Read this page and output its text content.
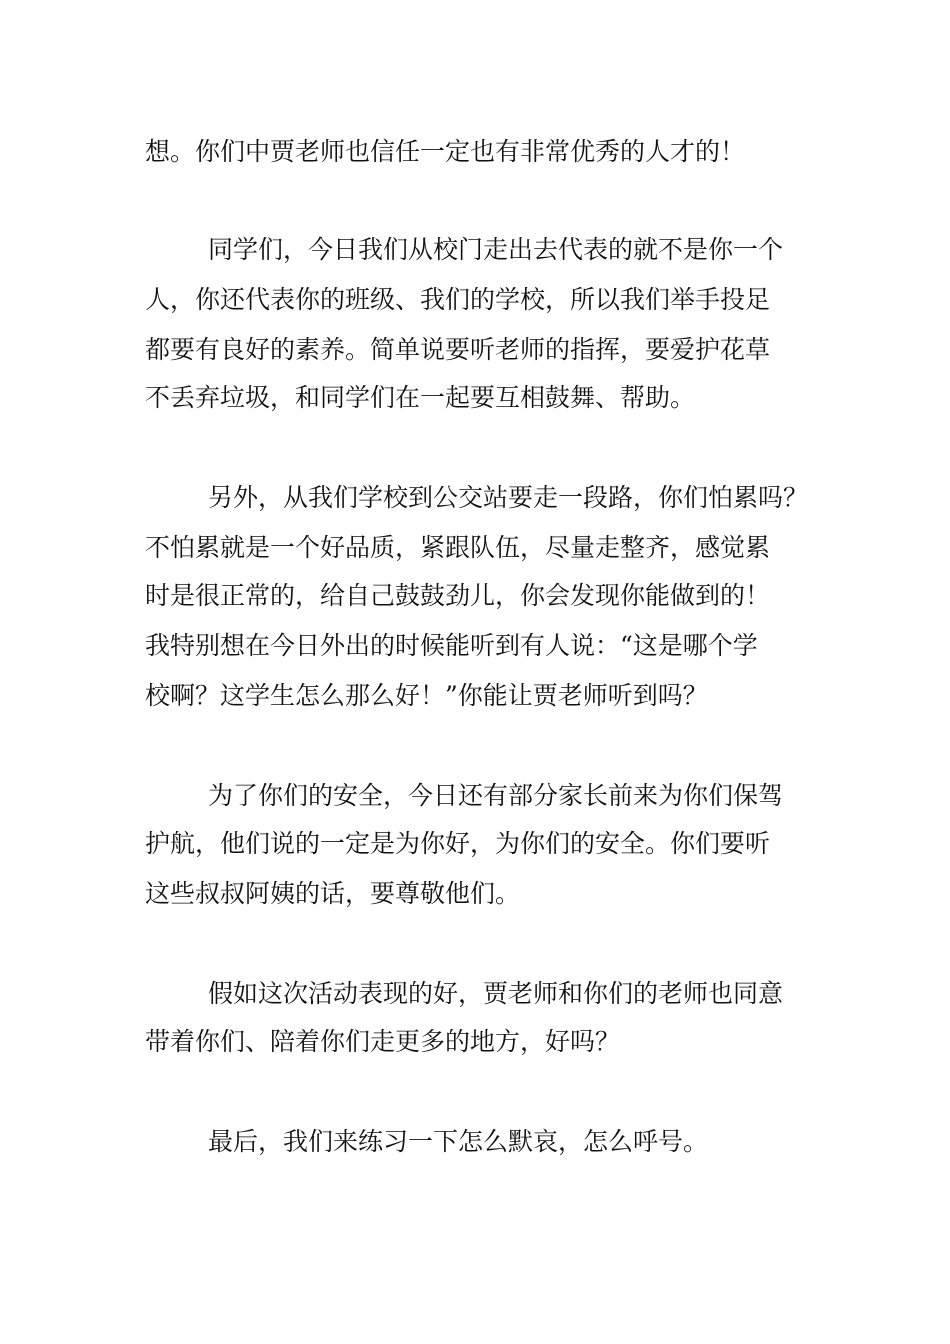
想。你们中贾老师也信任一定也有非常优秀的人才的！

同学们，今日我们从校门走出去代表的就不是你一个

人，你还代表你的班级、我们的学校，所以我们举手投足

都要有良好的素养。简单说要听老师的指挥，要爱护花草

不丢弃垃圾，和同学们在一起要互相鼓舞、帮助。

另外，从我们学校到公交站要走一段路，你们怕累吗？

不怕累就是一个好品质，紧跟队伍，尽量走整齐，感觉累

时是很正常的，给自己鼓鼓劲儿，你会发现你能做到的！

我特别想在今日外出的时候能听到有人说：“这是哪个学

校啊？这学生怎么那么好！”你能让贾老师听到吗？

为了你们的安全，今日还有部分家长前来为你们保驾

护航，他们说的一定是为你好，为你们的安全。你们要听

这些叔叔阿姨的话，要尊敬他们。

假如这次活动表现的好，贾老师和你们的老师也同意

带着你们、陪着你们走更多的地方，好吗？

最后，我们来练习一下怎么默哀，怎么呼号。
